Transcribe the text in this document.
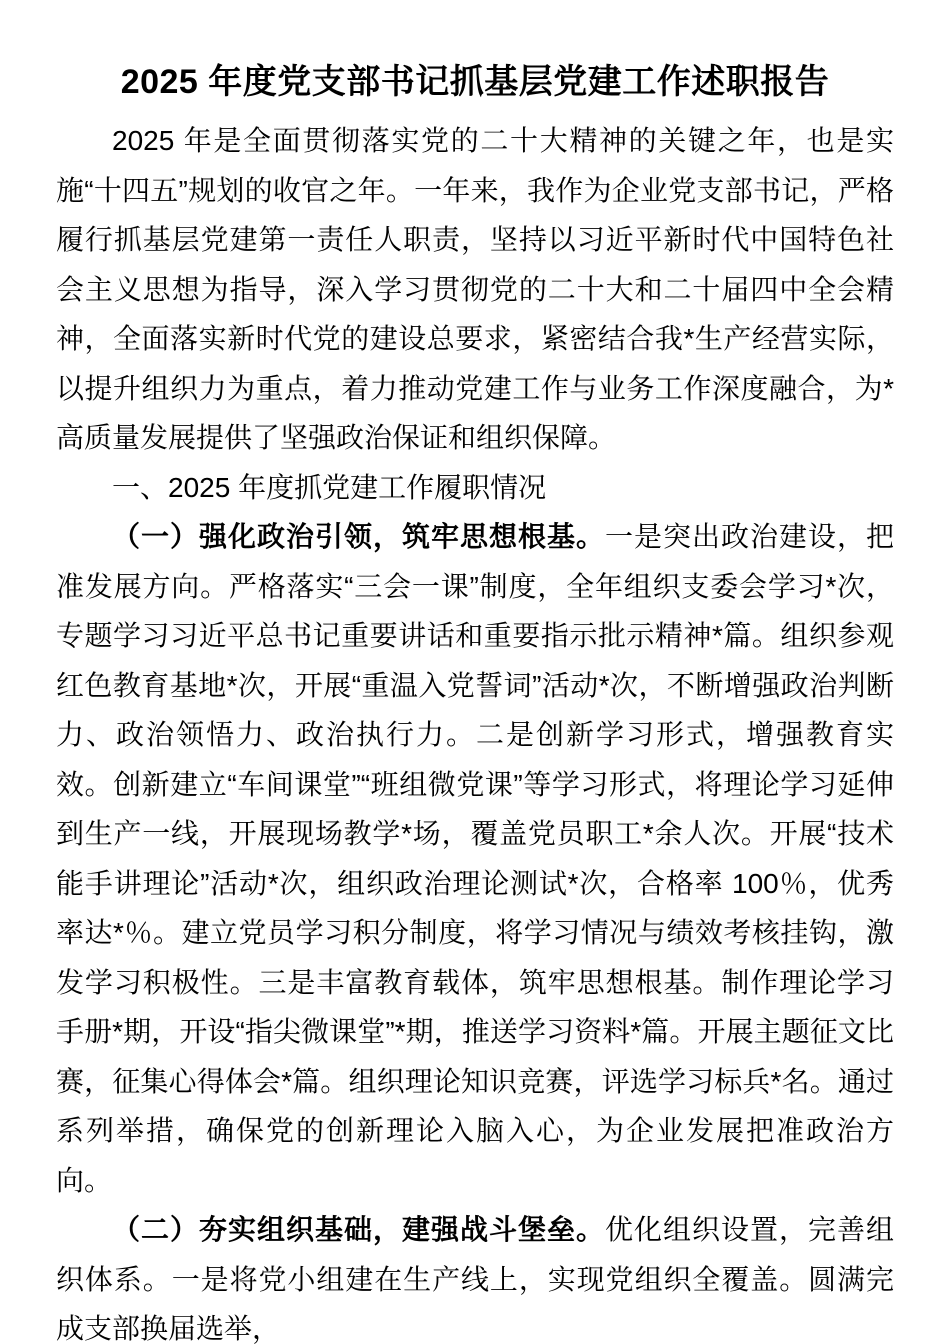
2025 年度党支部书记抓基层党建工作述职报告

2025 年是全面贯彻落实党的二十大精神的关键之年，也是实施“十四五”规划的收官之年。一年来，我作为企业党支部书记，严格履行抓基层党建第一责任人职责，坚持以习近平新时代中国特色社会主义思想为指导，深入学习贯彻党的二十大和二十届四中全会精神，全面落实新时代党的建设总要求，紧密结合我*生产经营实际，以提升组织力为重点，着力推动党建工作与业务工作深度融合，为*高质量发展提供了坚强政治保证和组织保障。

一、2025 年度抓党建工作履职情况

（一）强化政治引领，筑牢思想根基。一是突出政治建设，把准发展方向。严格落实“三会一课”制度，全年组织支委会学习*次，专题学习习近平总书记重要讲话和重要指示批示精神*篇。组织参观红色教育基地*次，开展“重温入党誓词”活动*次，不断增强政治判断力、政治领悟力、政治执行力。二是创新学习形式，增强教育实效。创新建立“车间课堂”“班组微党课”等学习形式，将理论学习延伸到生产一线，开展现场教学*场，覆盖党员职工*余人次。开展“技术能手讲理论”活动*次，组织政治理论测试*次，合格率 100％，优秀率达*％。建立党员学习积分制度，将学习情况与绩效考核挂钩，激发学习积极性。三是丰富教育载体，筑牢思想根基。制作理论学习手册*期，开设“指尖微课堂”*期，推送学习资料*篇。开展主题征文比赛，征集心得体会*篇。组织理论知识竞赛，评选学习标兵*名。通过系列举措，确保党的创新理论入脑入心，为企业发展把准政治方向。

（二）夯实组织基础，建强战斗堡垒。优化组织设置，完善组织体系。一是将党小组建在生产线上，实现党组织全覆盖。圆满完成支部换届选举，
